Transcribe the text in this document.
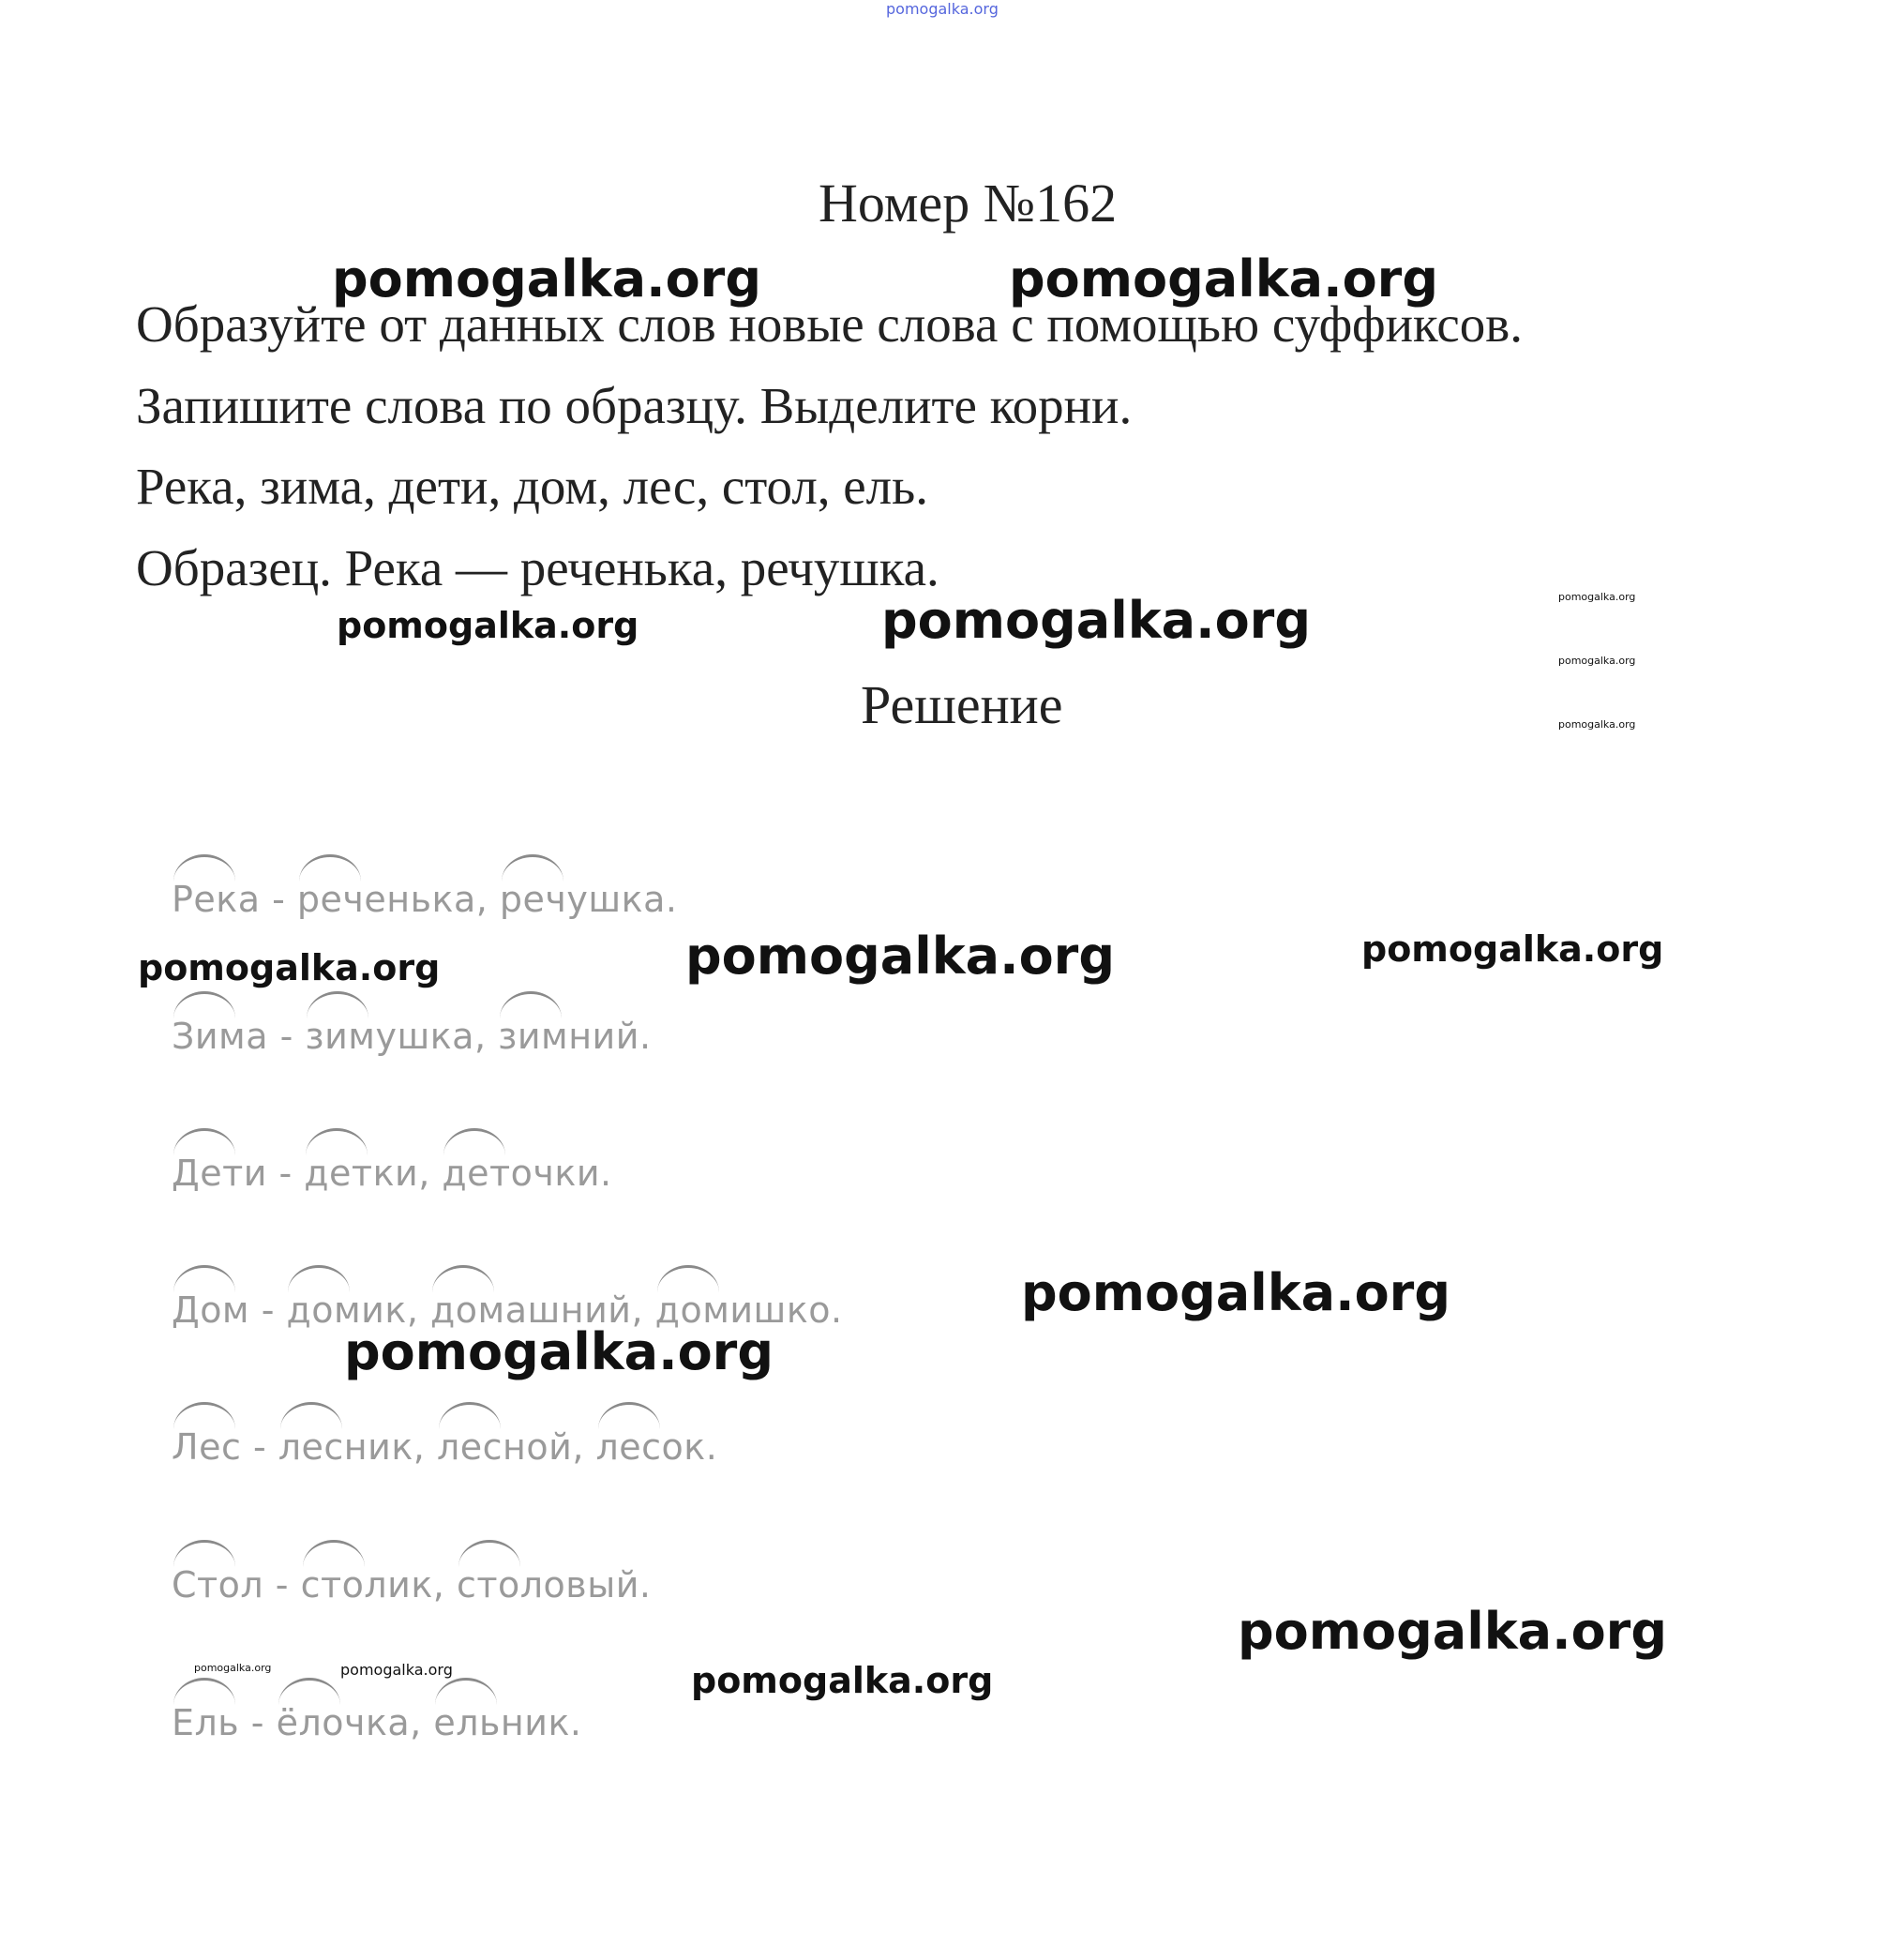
pomogalka.org
Номер №162
Образуйте от данных слов новые слова с помощью суффиксов.
Запишите слова по образцу. Выделите корни.
Река, зима, дети, дом, лес, стол, ель.
Образец. Река — реченька, речушка.
Решение
Река -
реченька, речушка.
Зима -
зимушка, зимний.
Дети -
детки, деточки.
Дом -
домик, домашний, домишко.
Лес -
лесник, лесной, лесок.
Стол -
столик, столовый.
Ель -
ёлочка, ельник.
pomogalka.org	pomogalka.org
pomogalka.org	pomogalka.org	pomogalka.org
pomogalka.org
pomogalka.org
pomogalka.org	pomogalka.org	pomogalka.org
pomogalka.org
pomogalka.org
pomogalka.org
pomogalka.org	pomogalka.org	pomogalka.org
